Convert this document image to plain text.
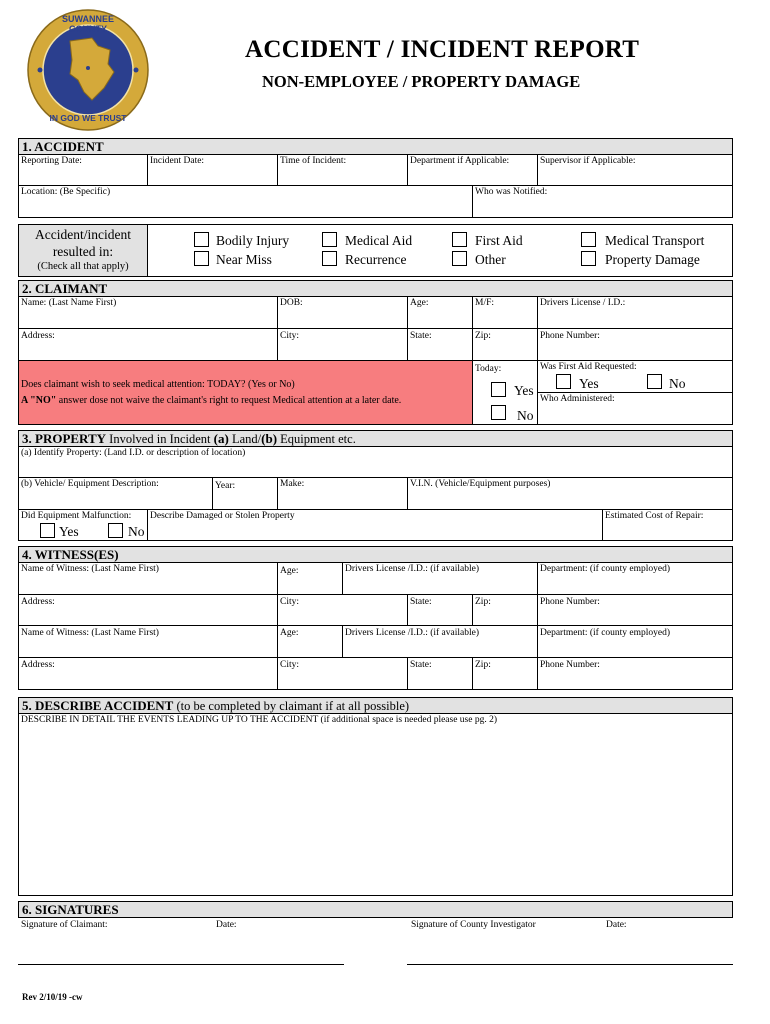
SUWANNEE COUNTY
IN GOD WE TRUST
ACCIDENT / INCIDENT REPORT
NON-EMPLOYEE / PROPERTY DAMAGE
1. ACCIDENT
Reporting Date:	Incident Date:	Time of Incident:	Department if Applicable:	Supervisor if Applicable:
Location: (Be Specific)	Who was Notified:
Accident/incident
resulted in:
(Check all that apply)
Bodily Injury
Near Miss
Medical Aid
Recurrence
First Aid
Other
Medical Transport
Property Damage
2. CLAIMANT
Name: (Last Name First)	DOB:	Age:	M/F:	Drivers License / I.D.:
Address:	City:	State:	Zip:	Phone Number:
Does claimant wish to seek medical attention: TODAY? (Yes or No)
A "NO" answer dose not waive the claimant's right to request Medical attention at a later date.
Today:
Yes
No
Was First Aid Requested:
Yes	No
Who Administered:
3. PROPERTY Involved in Incident (a) Land/(b) Equipment etc.
(a) Identify Property: (Land I.D. or description of location)
(b) Vehicle/ Equipment Description:	Year:	Make:	V.I.N. (Vehicle/Equipment purposes)
Did Equipment Malfunction:
Yes	No
Describe Damaged or Stolen Property	Estimated Cost of Repair:
4. WITNESS(ES)
Name of Witness: (Last Name First)	Age:	Drivers License /I.D.: (if available)	Department: (if county employed)
Address:	City:	State:	Zip:	Phone Number:
Name of Witness: (Last Name First)	Age:	Drivers License /I.D.: (if available)	Department: (if county employed)
Address:	City:	State:	Zip:	Phone Number:
5. DESCRIBE ACCIDENT (to be completed by claimant if at all possible)
DESCRIBE IN DETAIL THE EVENTS LEADING UP TO THE ACCIDENT (if additional space is needed please use pg. 2)
6. SIGNATURES
Signature of Claimant:	Date:	Signature of County Investigator	Date:
Rev 2/10/19 -cw
